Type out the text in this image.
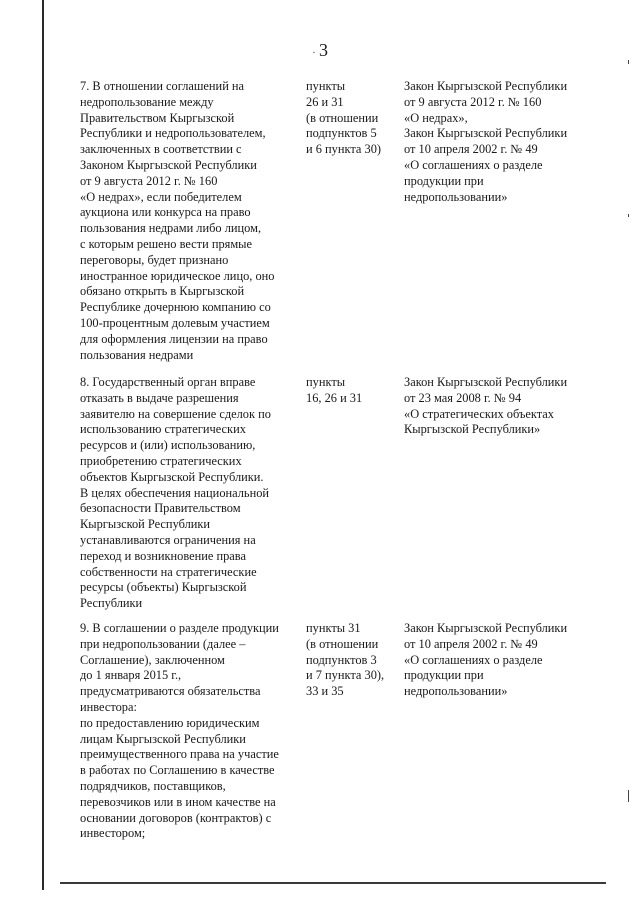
· 3

7. В отношении соглашений на
недропользование между
Правительством Кыргызской
Республики и недропользователем,
заключенных в соответствии с
Законом Кыргызской Республики
от 9 августа 2012 г. № 160
«О недрах», если победителем
аукциона или конкурса на право
пользования недрами либо лицом,
с которым решено вести прямые
переговоры, будет признано
иностранное юридическое лицо, оно
обязано открыть в Кыргызской
Республике дочернюю компанию со
100-процентным долевым участием
для оформления лицензии на право
пользования недрами

пункты
26 и 31
(в отношении
подпунктов 5
и 6 пункта 30)

Закон Кыргызской Республики
от 9 августа 2012 г. № 160
«О недрах»,
Закон Кыргызской Республики
от 10 апреля 2002 г. № 49
«О соглашениях о разделе
продукции при
недропользовании»

8. Государственный орган вправе
отказать в выдаче разрешения
заявителю на совершение сделок по
использованию стратегических
ресурсов и (или) использованию,
приобретению стратегических
объектов Кыргызской Республики.
В целях обеспечения национальной
безопасности Правительством
Кыргызской Республики
устанавливаются ограничения на
переход и возникновение права
собственности на стратегические
ресурсы (объекты) Кыргызской
Республики

пункты
16, 26 и 31

Закон Кыргызской Республики
от 23 мая 2008 г. № 94
«О стратегических объектах
Кыргызской Республики»

9. В соглашении о разделе продукции
при недропользовании (далее –
Соглашение), заключенном
до 1 января 2015 г.,
предусматриваются обязательства
инвестора:
по предоставлению юридическим
лицам Кыргызской Республики
преимущественного права на участие
в работах по Соглашению в качестве
подрядчиков, поставщиков,
перевозчиков или в ином качестве на
основании договоров (контрактов) с
инвестором;

пункты 31
(в отношении
подпунктов 3
и 7 пункта 30),
33 и 35

Закон Кыргызской Республики
от 10 апреля 2002 г. № 49
«О соглашениях о разделе
продукции при
недропользовании»
